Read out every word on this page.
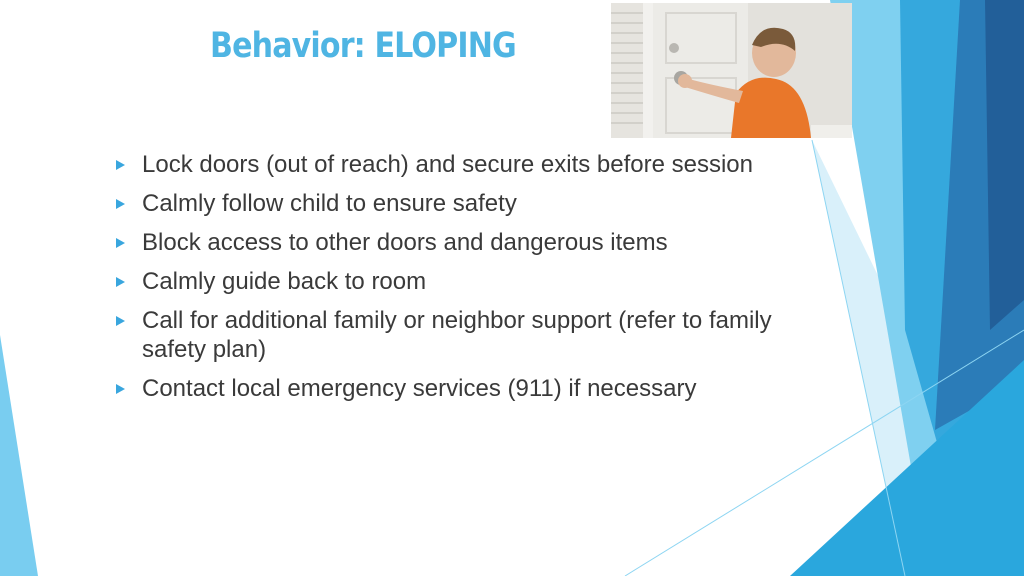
Behavior: ELOPING
Lock doors (out of reach) and secure exits before session
Calmly follow child to ensure safety
Block access to other doors and dangerous items
Calmly guide back to room
Call for additional family or neighbor support (refer to family safety plan)
Contact local emergency services (911) if necessary
